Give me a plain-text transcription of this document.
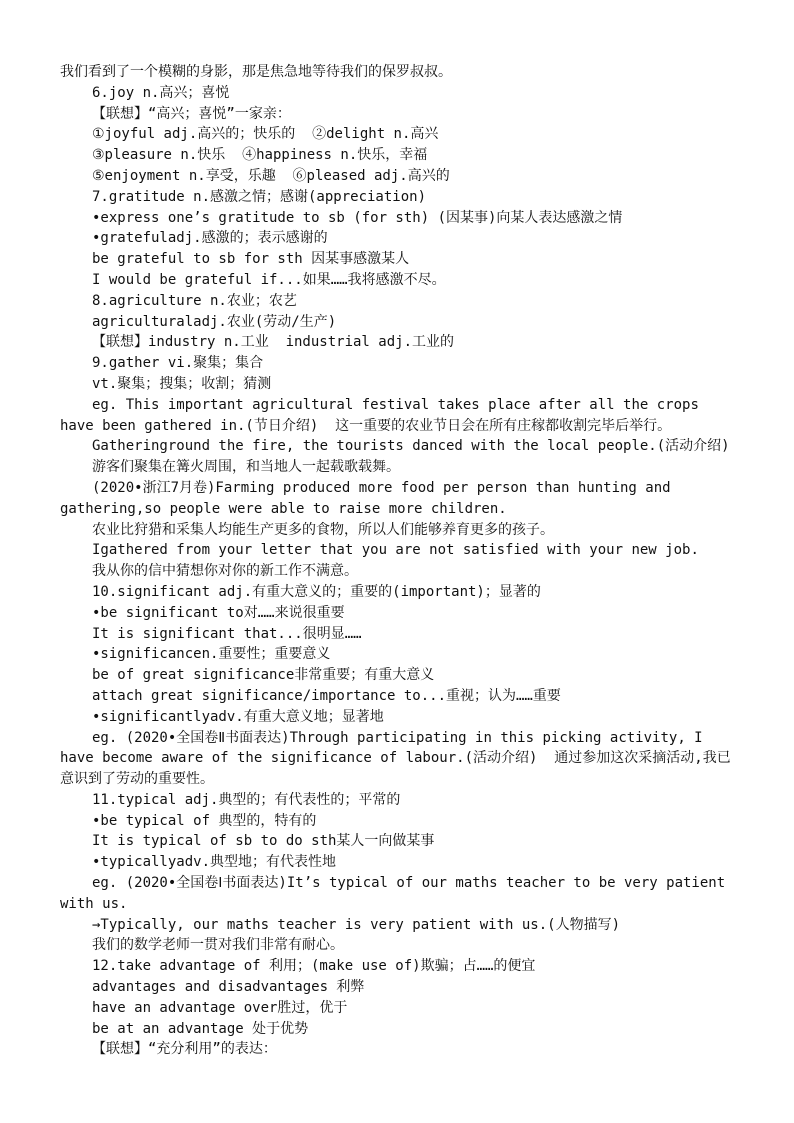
我们看到了一个模糊的身影，那是焦急地等待我们的保罗叔叔。

6.joy n.高兴；喜悦

【联想】“高兴；喜悦”一家亲：

①joyful adj.高兴的；快乐的  ②delight n.高兴

③pleasure n.快乐  ④happiness n.快乐，幸福

⑤enjoyment n.享受，乐趣  ⑥pleased adj.高兴的

7.gratitude n.感激之情；感谢(appreciation)

•express one’s gratitude to sb (for sth) (因某事)向某人表达感激之情

•gratefuladj.感激的；表示感谢的

be grateful to sb for sth 因某事感激某人

I would be grateful if...如果……我将感激不尽。

8.agriculture n.农业；农艺

agriculturaladj.农业(劳动/生产)

【联想】industry n.工业  industrial adj.工业的

9.gather vi.聚集；集合

vt.聚集；搜集；收割；猜测

eg. This important agricultural festival takes place after all the crops have been gathered in.(节日介绍)  这一重要的农业节日会在所有庄稼都收割完毕后举行。

Gatheringround the fire, the tourists danced with the local people.(活动介绍)

游客们聚集在篝火周围，和当地人一起载歌载舞。

(2020•浙江7月卷)Farming produced more food per person than hunting and gathering,so people were able to raise more children.

农业比狩猎和采集人均能生产更多的食物，所以人们能够养育更多的孩子。

Igathered from your letter that you are not satisfied with your new job.

我从你的信中猜想你对你的新工作不满意。

10.significant adj.有重大意义的；重要的(important)；显著的

•be significant to对……来说很重要

It is significant that...很明显……

•significancen.重要性；重要意义

be of great significance非常重要；有重大意义

attach great significance/importance to...重视；认为……重要

•significantlyadv.有重大意义地；显著地

eg. (2020•全国卷Ⅱ书面表达)Through participating in this picking activity, I have become aware of the significance of labour.(活动介绍)  通过参加这次采摘活动,我已意识到了劳动的重要性。

11.typical adj.典型的；有代表性的；平常的

•be typical of 典型的，特有的

It is typical of sb to do sth某人一向做某事

•typicallyadv.典型地；有代表性地

eg. (2020•全国卷Ⅰ书面表达)It’s typical of our maths teacher to be very patient with us.

→Typically, our maths teacher is very patient with us.(人物描写)

我们的数学老师一贯对我们非常有耐心。

12.take advantage of 利用；(make use of)欺骗；占……的便宜

advantages and disadvantages 利弊

have an advantage over胜过，优于

be at an advantage 处于优势

【联想】“充分利用”的表达：
